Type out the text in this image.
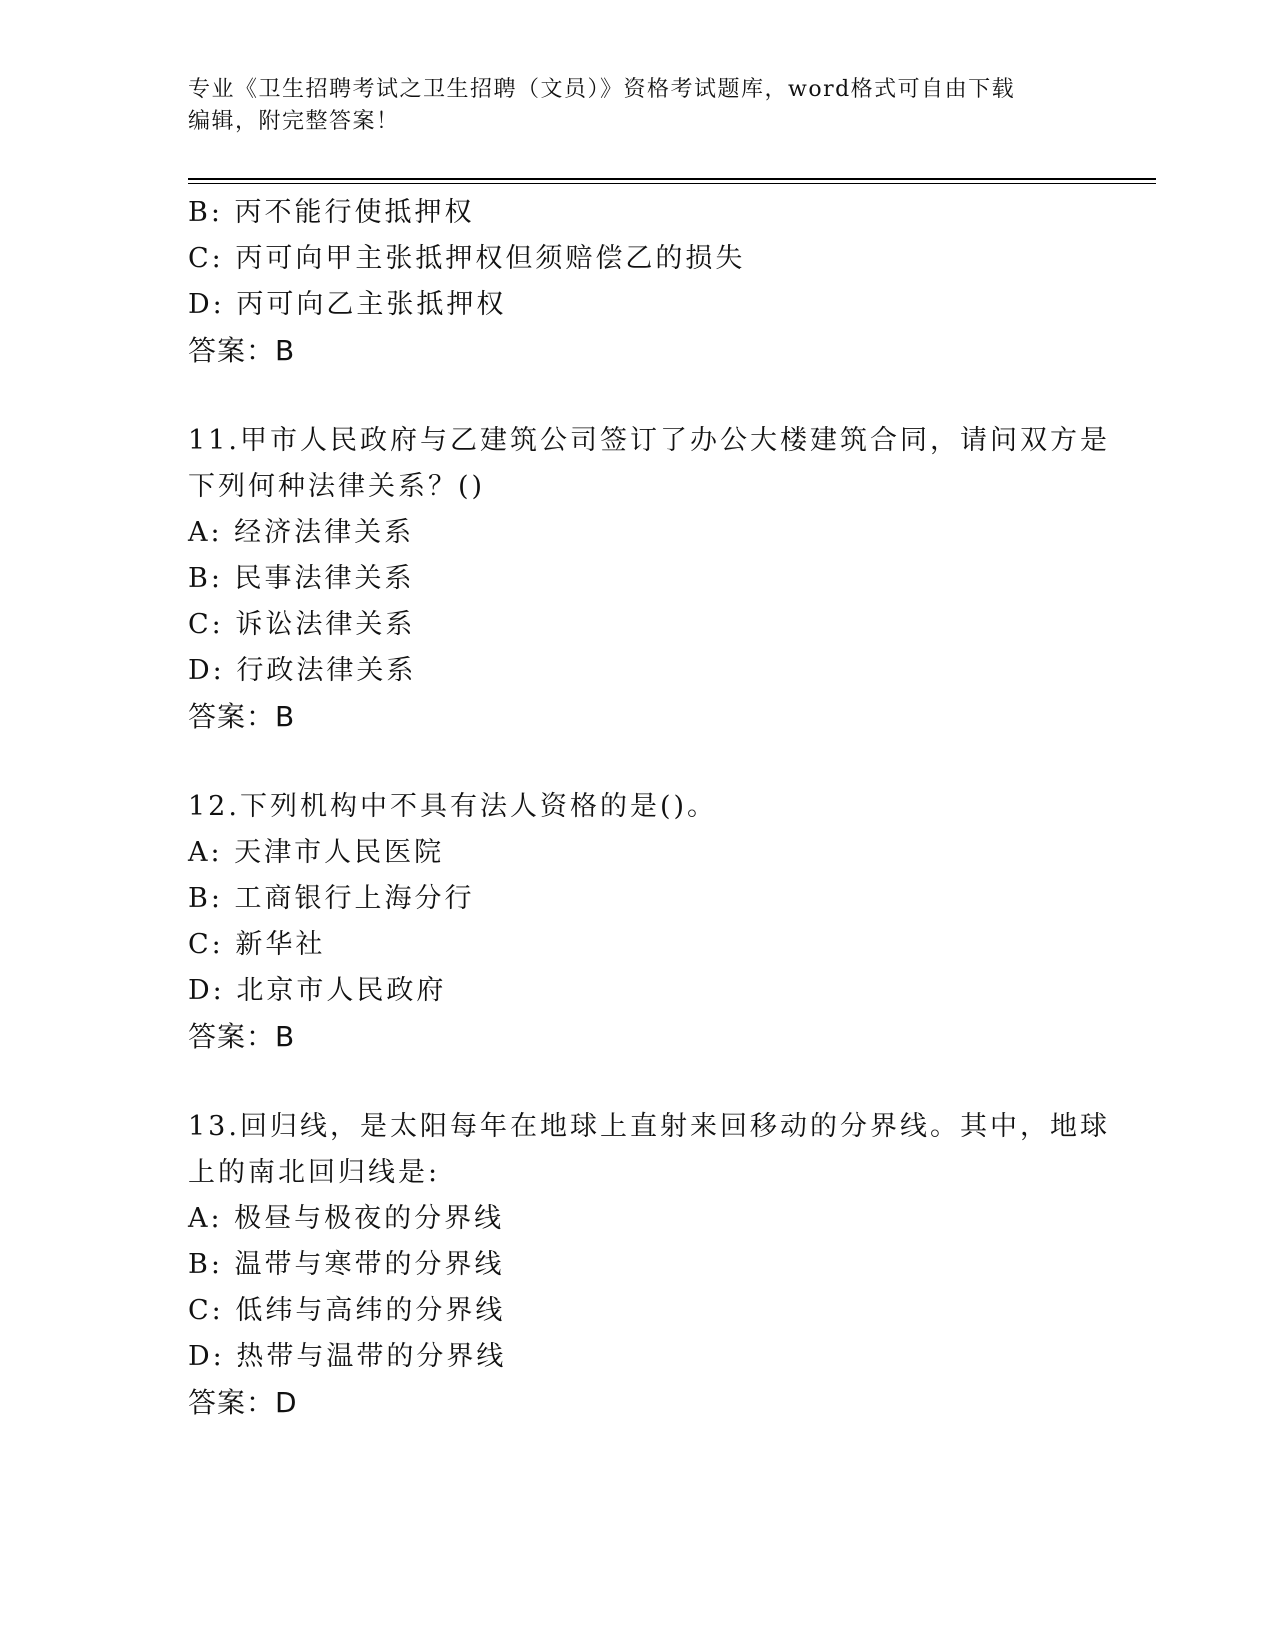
专业《卫生招聘考试之卫生招聘（文员）》资格考试题库，word格式可自由下载
编辑，附完整答案！
B: 丙不能行使抵押权
C: 丙可向甲主张抵押权但须赔偿乙的损失
D: 丙可向乙主张抵押权
答案：B
11.甲市人民政府与乙建筑公司签订了办公大楼建筑合同，请问双方是
下列何种法律关系？()
A: 经济法律关系
B: 民事法律关系
C: 诉讼法律关系
D: 行政法律关系
答案：B
12.下列机构中不具有法人资格的是()。
A: 天津市人民医院
B: 工商银行上海分行
C: 新华社
D: 北京市人民政府
答案：B
13.回归线，是太阳每年在地球上直射来回移动的分界线。其中，地球
上的南北回归线是:
A: 极昼与极夜的分界线
B: 温带与寒带的分界线
C: 低纬与高纬的分界线
D: 热带与温带的分界线
答案：D
